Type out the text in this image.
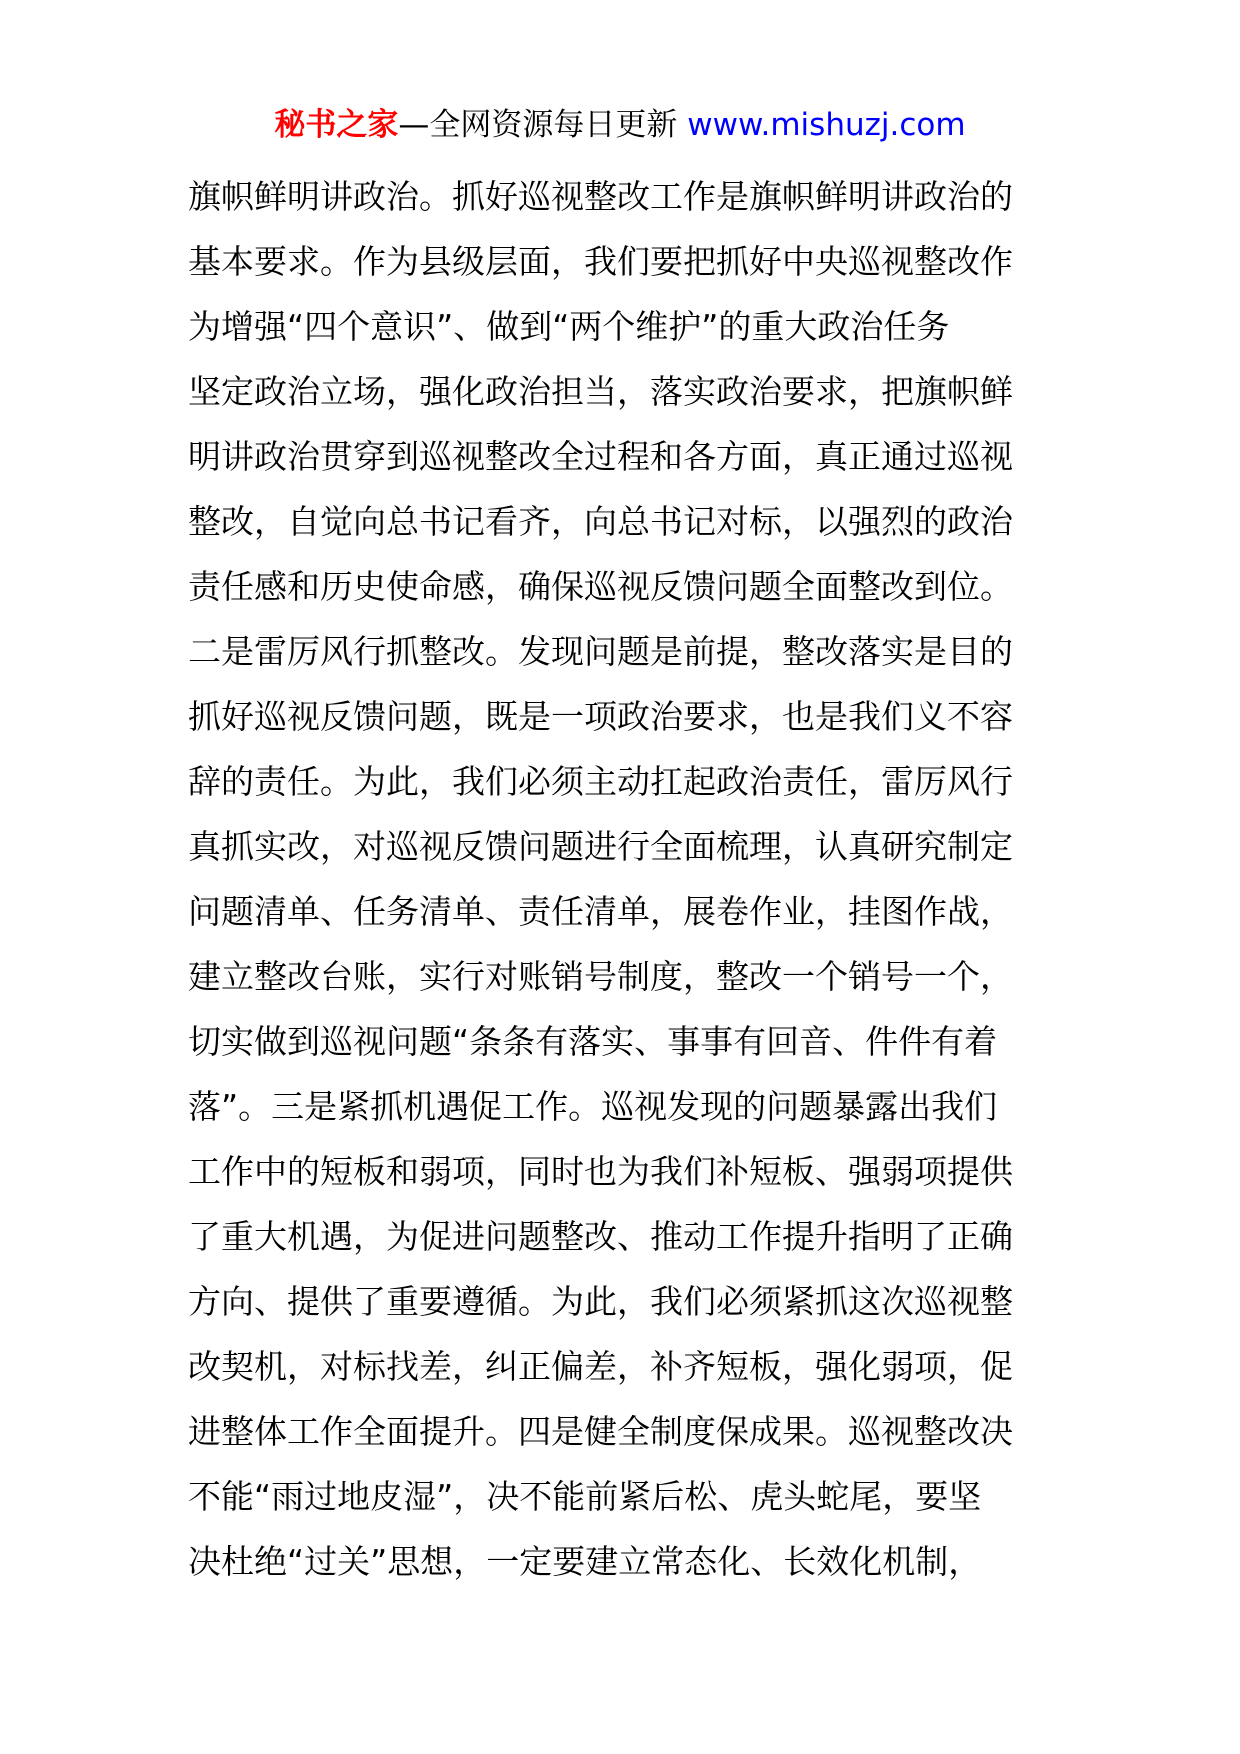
秘书之家—全网资源每日更新 www.mishuzj.com
旗帜鲜明讲政治。抓好巡视整改工作是旗帜鲜明讲政治的
基本要求。作为县级层面，我们要把抓好中央巡视整改作
为增强“四个意识”、做到“两个维护”的重大政治任务
坚定政治立场，强化政治担当，落实政治要求，把旗帜鲜
明讲政治贯穿到巡视整改全过程和各方面，真正通过巡视
整改，自觉向总书记看齐，向总书记对标，以强烈的政治
责任感和历史使命感，确保巡视反馈问题全面整改到位。
二是雷厉风行抓整改。发现问题是前提，整改落实是目的
抓好巡视反馈问题，既是一项政治要求，也是我们义不容
辞的责任。为此，我们必须主动扛起政治责任，雷厉风行
真抓实改，对巡视反馈问题进行全面梳理，认真研究制定
问题清单、任务清单、责任清单，展卷作业，挂图作战，
建立整改台账，实行对账销号制度，整改一个销号一个，
切实做到巡视问题“条条有落实、事事有回音、件件有着
落”。三是紧抓机遇促工作。巡视发现的问题暴露出我们
工作中的短板和弱项，同时也为我们补短板、强弱项提供
了重大机遇，为促进问题整改、推动工作提升指明了正确
方向、提供了重要遵循。为此，我们必须紧抓这次巡视整
改契机，对标找差，纠正偏差，补齐短板，强化弱项，促
进整体工作全面提升。四是健全制度保成果。巡视整改决
不能“雨过地皮湿”，决不能前紧后松、虎头蛇尾，要坚
决杜绝“过关”思想，一定要建立常态化、长效化机制，
